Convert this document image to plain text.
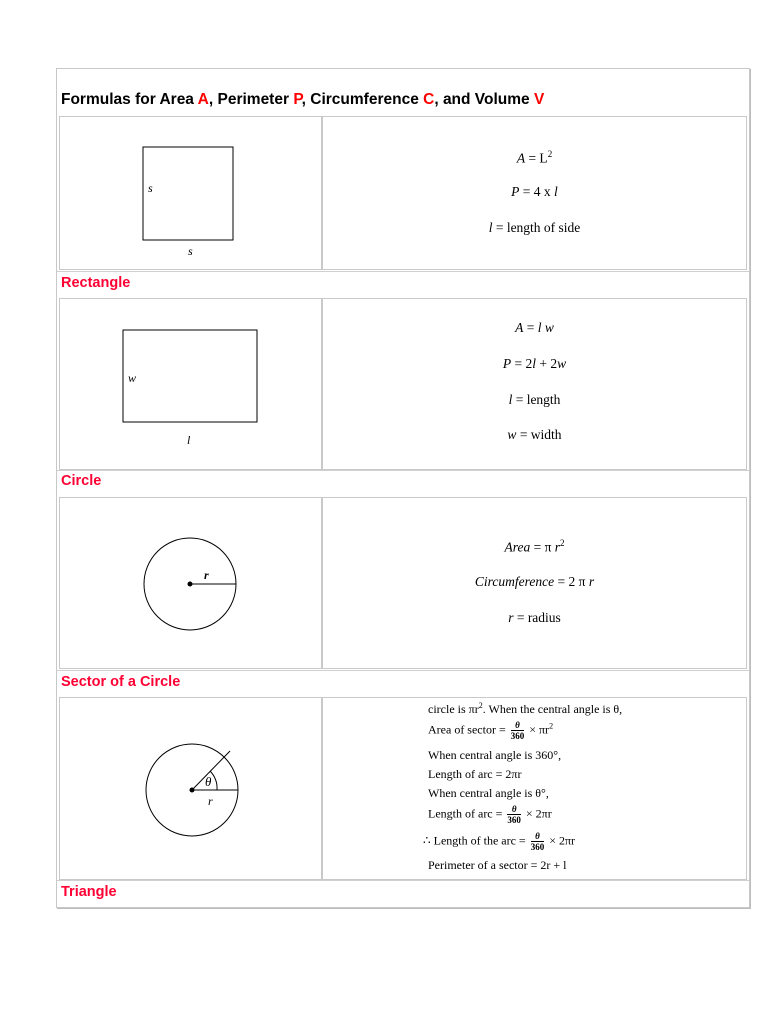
Formulas for Area A, Perimeter P, Circumference C, and Volume V
s
s
$A = L^2$
P = 4 x l
l = length of side
Rectangle
w
l
A = l w
P = 2l + 2w
l = length
w = width
Circle
r
Area = π $r^2$
Circumference = 2 π r
r = radius
Sector of a Circle
θ
r
circle is $\pi r^2$. When the central angle is θ,
Area of sector = $\frac{\theta}{360} \times \pi r^2$
When central angle is 360°,
Length of arc = 2πr
When central angle is θ°,
Length of arc = $\frac{\theta}{360} \times 2\pi r$
∴ Length of the arc = $\frac{\theta}{360} \times 2\pi r$
Perimeter of a sector = 2r + l
Triangle
